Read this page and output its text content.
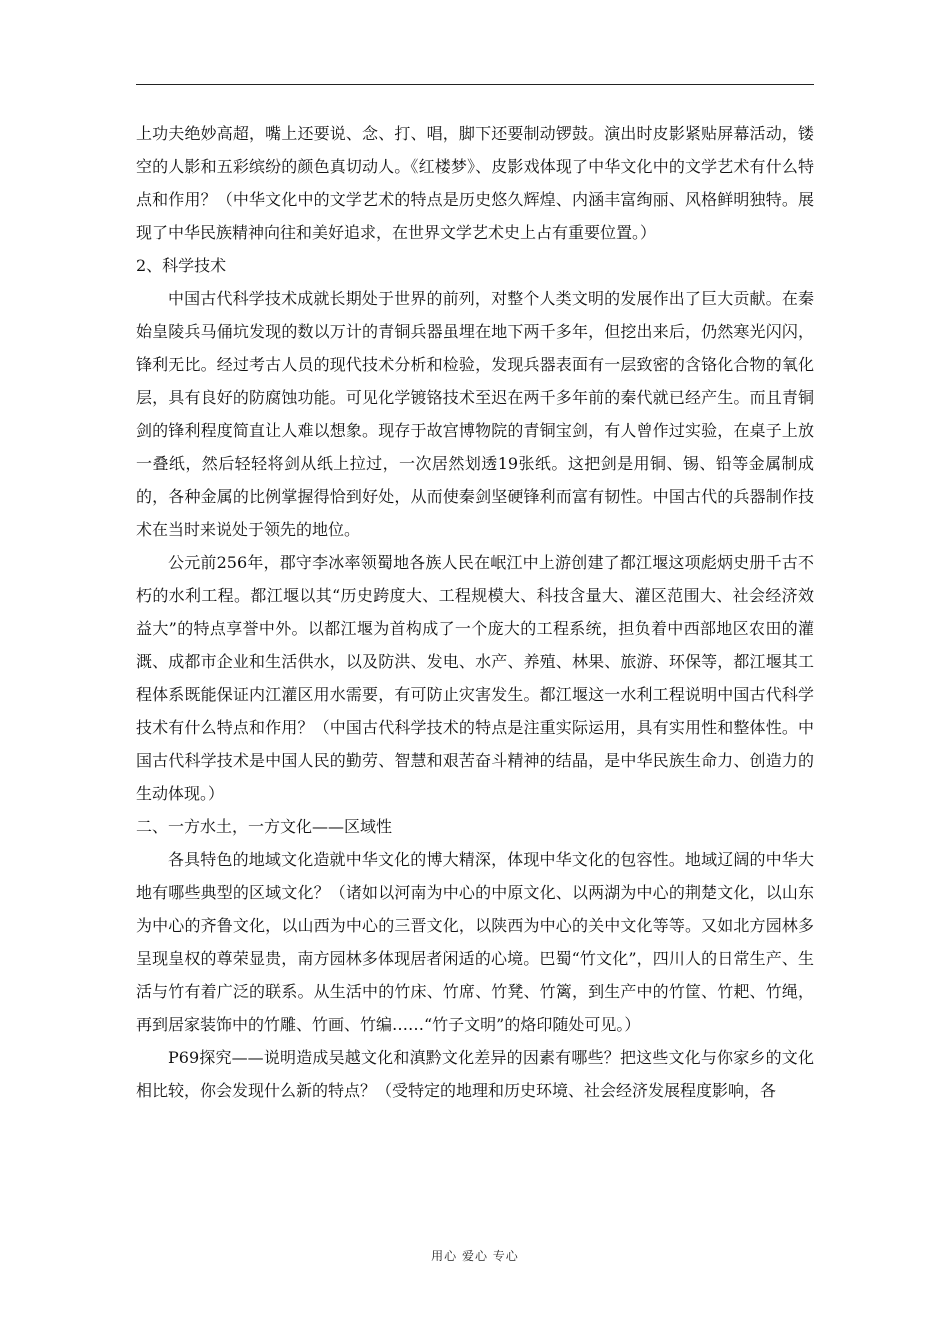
上功夫绝妙高超，嘴上还要说、念、打、唱，脚下还要制动锣鼓。演出时皮影紧贴屏幕活动，镂空的人影和五彩缤纷的颜色真切动人。《红楼梦》、皮影戏体现了中华文化中的文学艺术有什么特点和作用？（中华文化中的文学艺术的特点是历史悠久辉煌、内涵丰富绚丽、风格鲜明独特。展现了中华民族精神向往和美好追求，在世界文学艺术史上占有重要位置。）

2、科学技术

中国古代科学技术成就长期处于世界的前列，对整个人类文明的发展作出了巨大贡献。在秦始皇陵兵马俑坑发现的数以万计的青铜兵器虽埋在地下两千多年，但挖出来后，仍然寒光闪闪，锋利无比。经过考古人员的现代技术分析和检验，发现兵器表面有一层致密的含铬化合物的氧化层，具有良好的防腐蚀功能。可见化学镀铬技术至迟在两千多年前的秦代就已经产生。而且青铜剑的锋利程度简直让人难以想象。现存于故宫博物院的青铜宝剑，有人曾作过实验，在桌子上放一叠纸，然后轻轻将剑从纸上拉过，一次居然划透19张纸。这把剑是用铜、锡、铅等金属制成的，各种金属的比例掌握得恰到好处，从而使秦剑坚硬锋利而富有韧性。中国古代的兵器制作技术在当时来说处于领先的地位。

公元前256年，郡守李冰率领蜀地各族人民在岷江中上游创建了都江堰这项彪炳史册千古不朽的水利工程。都江堰以其“历史跨度大、工程规模大、科技含量大、灌区范围大、社会经济效益大”的特点享誉中外。以都江堰为首构成了一个庞大的工程系统，担负着中西部地区农田的灌溉、成都市企业和生活供水，以及防洪、发电、水产、养殖、林果、旅游、环保等，都江堰其工程体系既能保证内江灌区用水需要，有可防止灾害发生。都江堰这一水利工程说明中国古代科学技术有什么特点和作用？（中国古代科学技术的特点是注重实际运用，具有实用性和整体性。中国古代科学技术是中国人民的勤劳、智慧和艰苦奋斗精神的结晶，是中华民族生命力、创造力的生动体现。）

二、一方水土，一方文化——区域性

各具特色的地域文化造就中华文化的博大精深，体现中华文化的包容性。地域辽阔的中华大地有哪些典型的区域文化？（诸如以河南为中心的中原文化、以两湖为中心的荆楚文化，以山东为中心的齐鲁文化，以山西为中心的三晋文化，以陕西为中心的关中文化等等。又如北方园林多呈现皇权的尊荣显贵，南方园林多体现居者闲适的心境。巴蜀“竹文化”，四川人的日常生产、生活与竹有着广泛的联系。从生活中的竹床、竹席、竹凳、竹篱，到生产中的竹筐、竹耙、竹绳，再到居家装饰中的竹雕、竹画、竹编……“竹子文明”的烙印随处可见。）

P69探究——说明造成吴越文化和滇黔文化差异的因素有哪些？把这些文化与你家乡的文化相比较，你会发现什么新的特点？（受特定的地理和历史环境、社会经济发展程度影响，各

用心 爱心 专心
